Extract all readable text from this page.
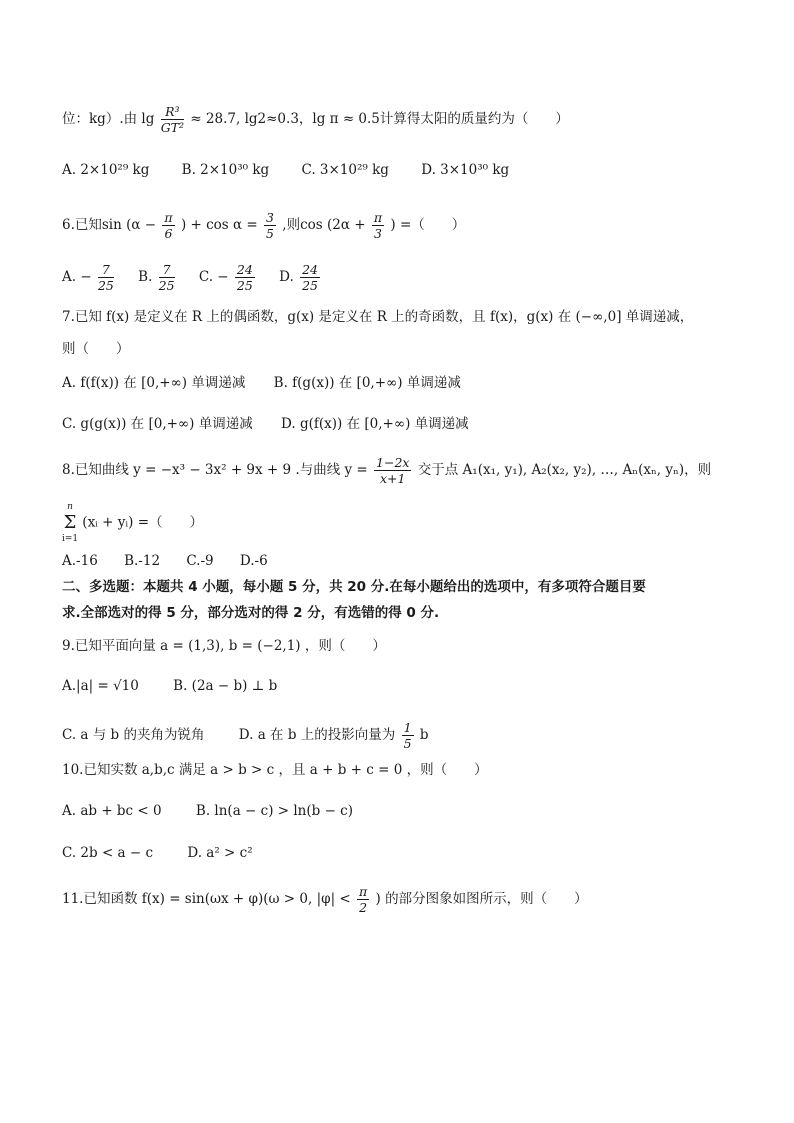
位：kg）.由 $\lg \frac{\text{R³}}{\text{GT²}} \approx 28.7$, lg2≈0.3，lg π ≈ 0.5计算得太阳的质量约为（　　）
A. 2×10²⁹ kg B. 2×10³⁰ kg C. 3×10²⁹ kg D. 3×10³⁰ kg
6.已知$\sin (\alpha - \frac{\pi}{6}$ ) + $\cos \alpha = \frac{3}{5}$ ,则$\cos (2\alpha + \frac{\pi}{3}$ ) =（　　）
A. − $\frac{7}{25} B$. $\frac{7}{25} C$. − $\frac{24}{25} D$. $\frac{24}{25}$
7.已知 f(x) 是定义在 R 上的偶函数，g(x) 是定义在 R 上的奇函数，且 f(x)，g(x) 在 (−∞,0] 单调递减，
则（　　）
A. f(f(x)) 在 [0,+∞) 单调递减 B. f(g(x)) 在 [0,+∞) 单调递减
C. g(g(x)) 在 [0,+∞) 单调递减 D. g(f(x)) 在 [0,+∞) 单调递减
8.已知曲线 y = −x³ − 3x² + 9x + 9 .与曲线 $y = \frac{1-2x}{x+1}$ 交于点 A₁(x₁, y₁), A₂(x₂, y₂), …, Aₙ(xₙ, yₙ)，则
n
Σ
i=1
(xᵢ + yᵢ) =（　　）
A.-16 B.-12 C.-9 D.-6
二、多选题：本题共 4 小题，每小题 5 分，共 20 分.在每小题给出的选项中，有多项符合题目要
求.全部选对的得 5 分，部分选对的得 2 分，有选错的得 0 分.
9.已知平面向量 a = (1,3), b = (−2,1) ，则（　　）
A.|a| = √10	B. (2a − b) ⊥ b
C. a 与 b 的夹角为锐角	D. a 在 b 上的投影向量为 $\frac{1}{5}$ b
10.已知实数 a,b,c 满足 a > b > c ，且 a + b + c = 0 ，则（　　）
A. ab + bc < 0	B. ln(a − c) > ln(b − c)
C. 2b < a − c	D. a² > c²
11.已知函数 f(x) = sin(ωx + φ)(ω > 0, $|\varphi| < \frac{\pi}{2}$ ) 的部分图象如图所示，则（　　）
